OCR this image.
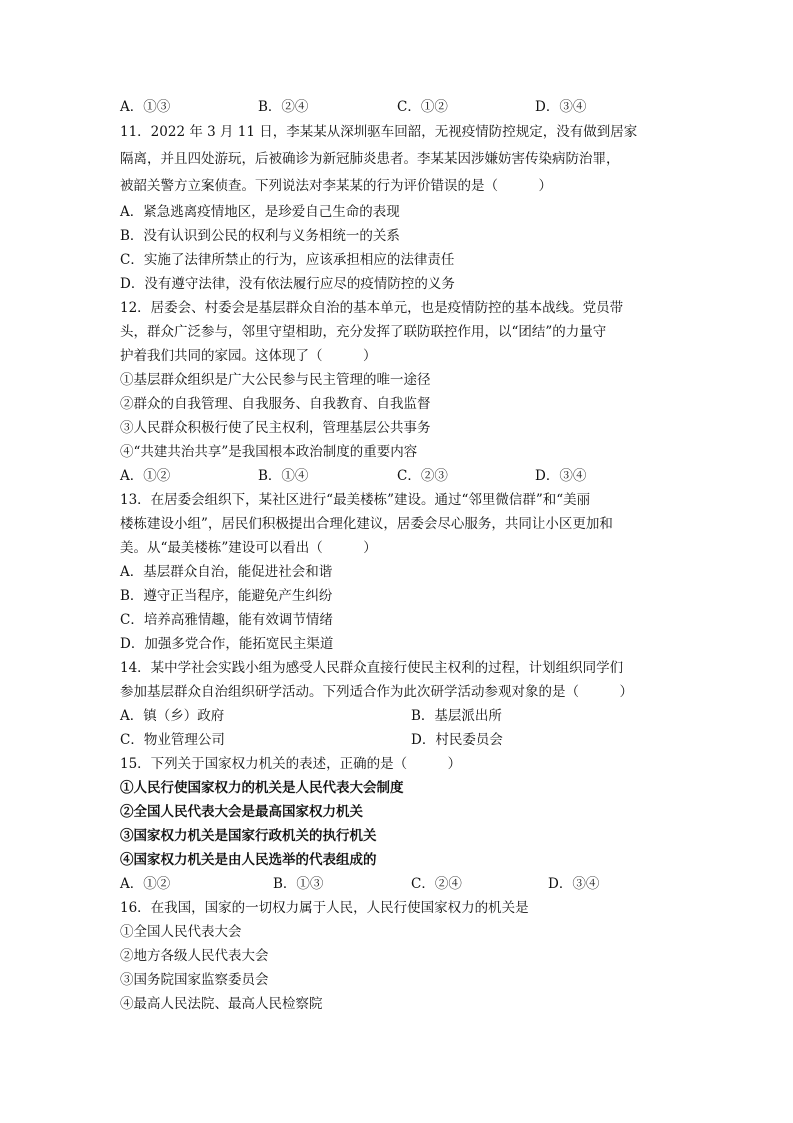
A．①③	B．②④	C．①②	D．③④
11．2022 年 3 月 11 日，李某某从深圳驱车回韶，无视疫情防控规定，没有做到居家
隔离，并且四处游玩，后被确诊为新冠肺炎患者。李某某因涉嫌妨害传染病防治罪，
被韶关警方立案侦查。下列说法对李某某的行为评价错误的是（　　　）
A．紧急逃离疫情地区，是珍爱自己生命的表现
B．没有认识到公民的权利与义务相统一的关系
C．实施了法律所禁止的行为，应该承担相应的法律责任
D．没有遵守法律，没有依法履行应尽的疫情防控的义务
12．居委会、村委会是基层群众自治的基本单元，也是疫情防控的基本战线。党员带
头，群众广泛参与，邻里守望相助，充分发挥了联防联控作用，以“团结”的力量守
护着我们共同的家园。这体现了（　　　）
①基层群众组织是广大公民参与民主管理的唯一途径
②群众的自我管理、自我服务、自我教育、自我监督
③人民群众积极行使了民主权利，管理基层公共事务
④“共建共治共享”是我国根本政治制度的重要内容
A．①②	B．①④	C．②③	D．③④
13．在居委会组织下，某社区进行“最美楼栋”建设。通过“邻里微信群”和“美丽
楼栋建设小组”，居民们积极提出合理化建议，居委会尽心服务，共同让小区更加和
美。从“最美楼栋”建设可以看出（　　　）
A．基层群众自治，能促进社会和谐
B．遵守正当程序，能避免产生纠纷
C．培养高雅情趣，能有效调节情绪
D．加强多党合作，能拓宽民主渠道
14．某中学社会实践小组为感受人民群众直接行使民主权利的过程，计划组织同学们
参加基层群众自治组织研学活动。下列适合作为此次研学活动参观对象的是（　　　）
A．镇（乡）政府	B．基层派出所
C．物业管理公司	D．村民委员会
15．下列关于国家权力机关的表述，正确的是（　　　）
①人民行使国家权力的机关是人民代表大会制度
②全国人民代表大会是最高国家权力机关
③国家权力机关是国家行政机关的执行机关
④国家权力机关是由人民选举的代表组成的
A．①②	B．①③	C．②④	D．③④
16．在我国，国家的一切权力属于人民，人民行使国家权力的机关是
①全国人民代表大会
②地方各级人民代表大会
③国务院国家监察委员会
④最高人民法院、最高人民检察院
